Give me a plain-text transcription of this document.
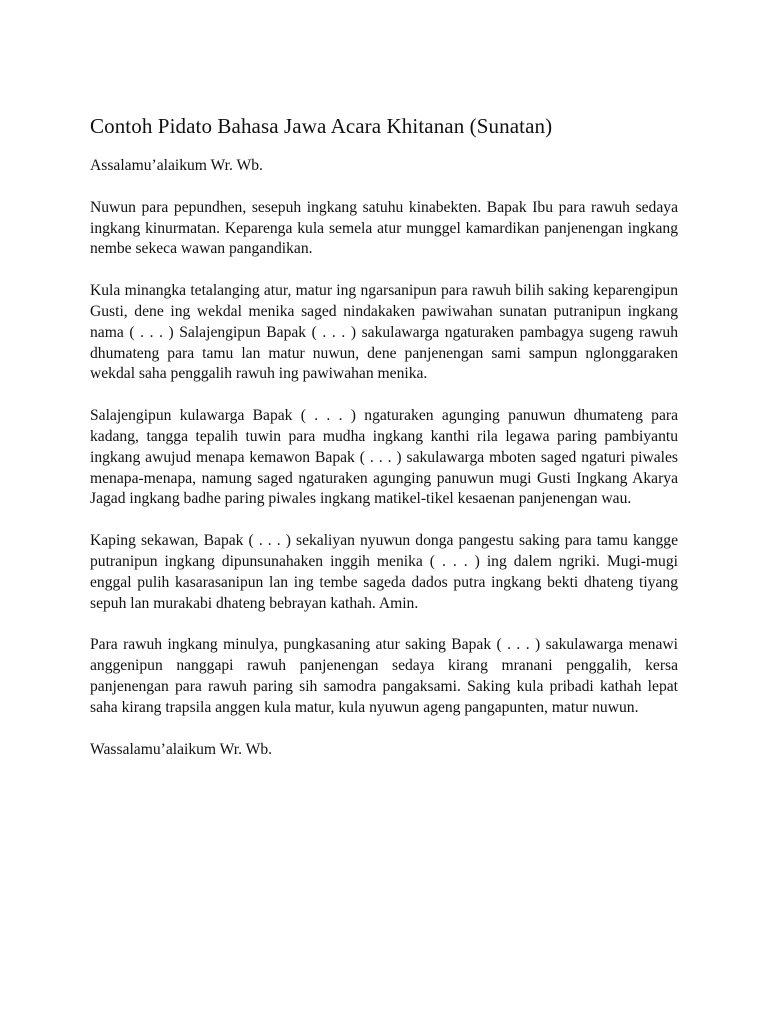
Contoh Pidato Bahasa Jawa Acara Khitanan (Sunatan)

Assalamu’alaikum Wr. Wb.

Nuwun para pepundhen, sesepuh ingkang satuhu kinabekten. Bapak Ibu para rawuh sedaya ingkang kinurmatan. Keparenga kula semela atur munggel kamardikan panjenengan ingkang nembe sekeca wawan pangandikan.

Kula minangka tetalanging atur, matur ing ngarsanipun para rawuh bilih saking keparengipun Gusti, dene ing wekdal menika saged nindakaken pawiwahan sunatan putranipun ingkang nama ( . . . ) Salajengipun Bapak ( . . . ) sakulawarga ngaturaken pambagya sugeng rawuh dhumateng para tamu lan matur nuwun, dene panjenengan sami sampun nglonggaraken wekdal saha penggalih rawuh ing pawiwahan menika.

Salajengipun kulawarga Bapak ( . . . ) ngaturaken agunging panuwun dhumateng para kadang, tangga tepalih tuwin para mudha ingkang kanthi rila legawa paring pambiyantu ingkang awujud menapa kemawon Bapak ( . . . ) sakulawarga mboten saged ngaturi piwales menapa-menapa, namung saged ngaturaken agunging panuwun mugi Gusti Ingkang Akarya Jagad ingkang badhe paring piwales ingkang matikel-tikel kesaenan panjenengan wau.

Kaping sekawan, Bapak ( . . . ) sekaliyan nyuwun donga pangestu saking para tamu kangge putranipun ingkang dipunsunahaken inggih menika ( . . . ) ing dalem ngriki. Mugi-mugi enggal pulih kasarasanipun lan ing tembe sageda dados putra ingkang bekti dhateng tiyang sepuh lan murakabi dhateng bebrayan kathah. Amin.

Para rawuh ingkang minulya, pungkasaning atur saking Bapak ( . . . ) sakulawarga menawi anggenipun nanggapi rawuh panjenengan sedaya kirang mranani penggalih, kersa panjenengan para rawuh paring sih samodra pangaksami. Saking kula pribadi kathah lepat saha kirang trapsila anggen kula matur, kula nyuwun ageng pangapunten, matur nuwun.

Wassalamu’alaikum Wr. Wb.
